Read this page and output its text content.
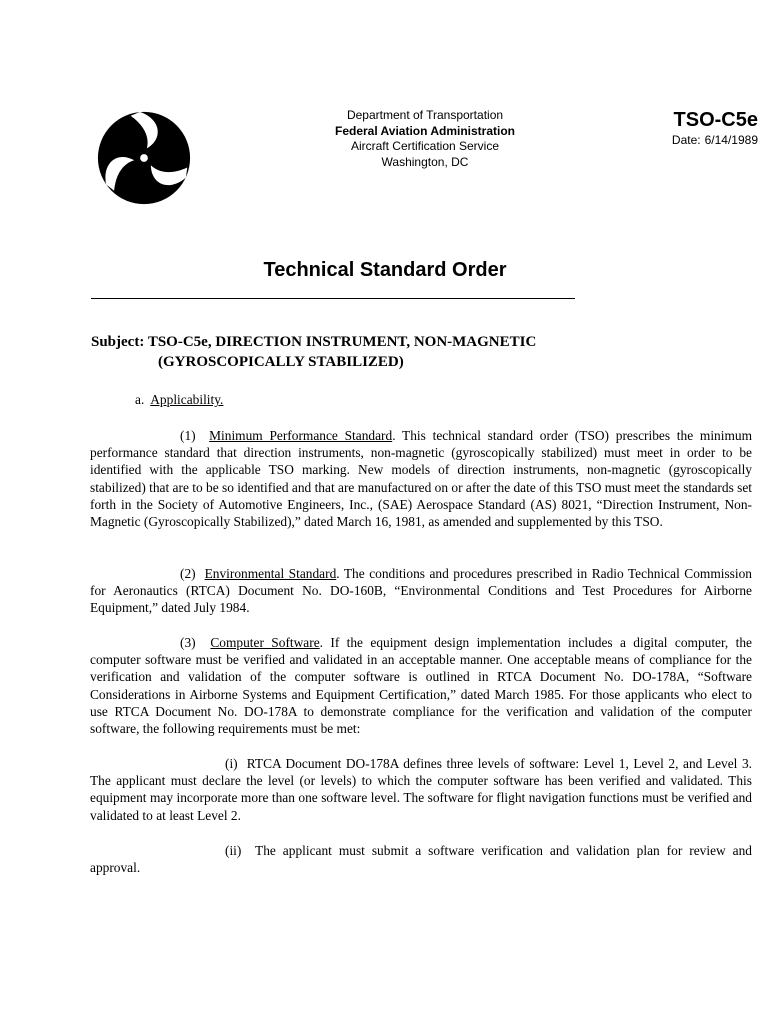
Department of Transportation
Federal Aviation Administration
Aircraft Certification Service
Washington, DC
TSO-C5e
Date: 6/14/1989
Technical Standard Order
Subject: TSO-C5e, DIRECTION INSTRUMENT, NON-MAGNETIC
(GYROSCOPICALLY STABILIZED)
a. Applicability.
(1) Minimum Performance Standard. This technical standard order (TSO) prescribes the minimum performance standard that direction instruments, non-magnetic (gyroscopically stabilized) must meet in order to be identified with the applicable TSO marking. New models of direction instruments, non-magnetic (gyroscopically stabilized) that are to be so identified and that are manufactured on or after the date of this TSO must meet the standards set forth in the Society of Automotive Engineers, Inc., (SAE) Aerospace Standard (AS) 8021, “Direction Instrument, Non-Magnetic (Gyroscopically Stabilized),” dated March 16, 1981, as amended and supplemented by this TSO.
(2) Environmental Standard. The conditions and procedures prescribed in Radio Technical Commission for Aeronautics (RTCA) Document No. DO-160B, “Environmental Conditions and Test Procedures for Airborne Equipment,” dated July 1984.
(3) Computer Software. If the equipment design implementation includes a digital computer, the computer software must be verified and validated in an acceptable manner. One acceptable means of compliance for the verification and validation of the computer software is outlined in RTCA Document No. DO-178A, “Software Considerations in Airborne Systems and Equipment Certification,” dated March 1985. For those applicants who elect to use RTCA Document No. DO-178A to demonstrate compliance for the verification and validation of the computer software, the following requirements must be met:
(i) RTCA Document DO-178A defines three levels of software: Level 1, Level 2, and Level 3. The applicant must declare the level (or levels) to which the computer software has been verified and validated. This equipment may incorporate more than one software level. The software for flight navigation functions must be verified and validated to at least Level 2.
(ii) The applicant must submit a software verification and validation plan for review and approval.
